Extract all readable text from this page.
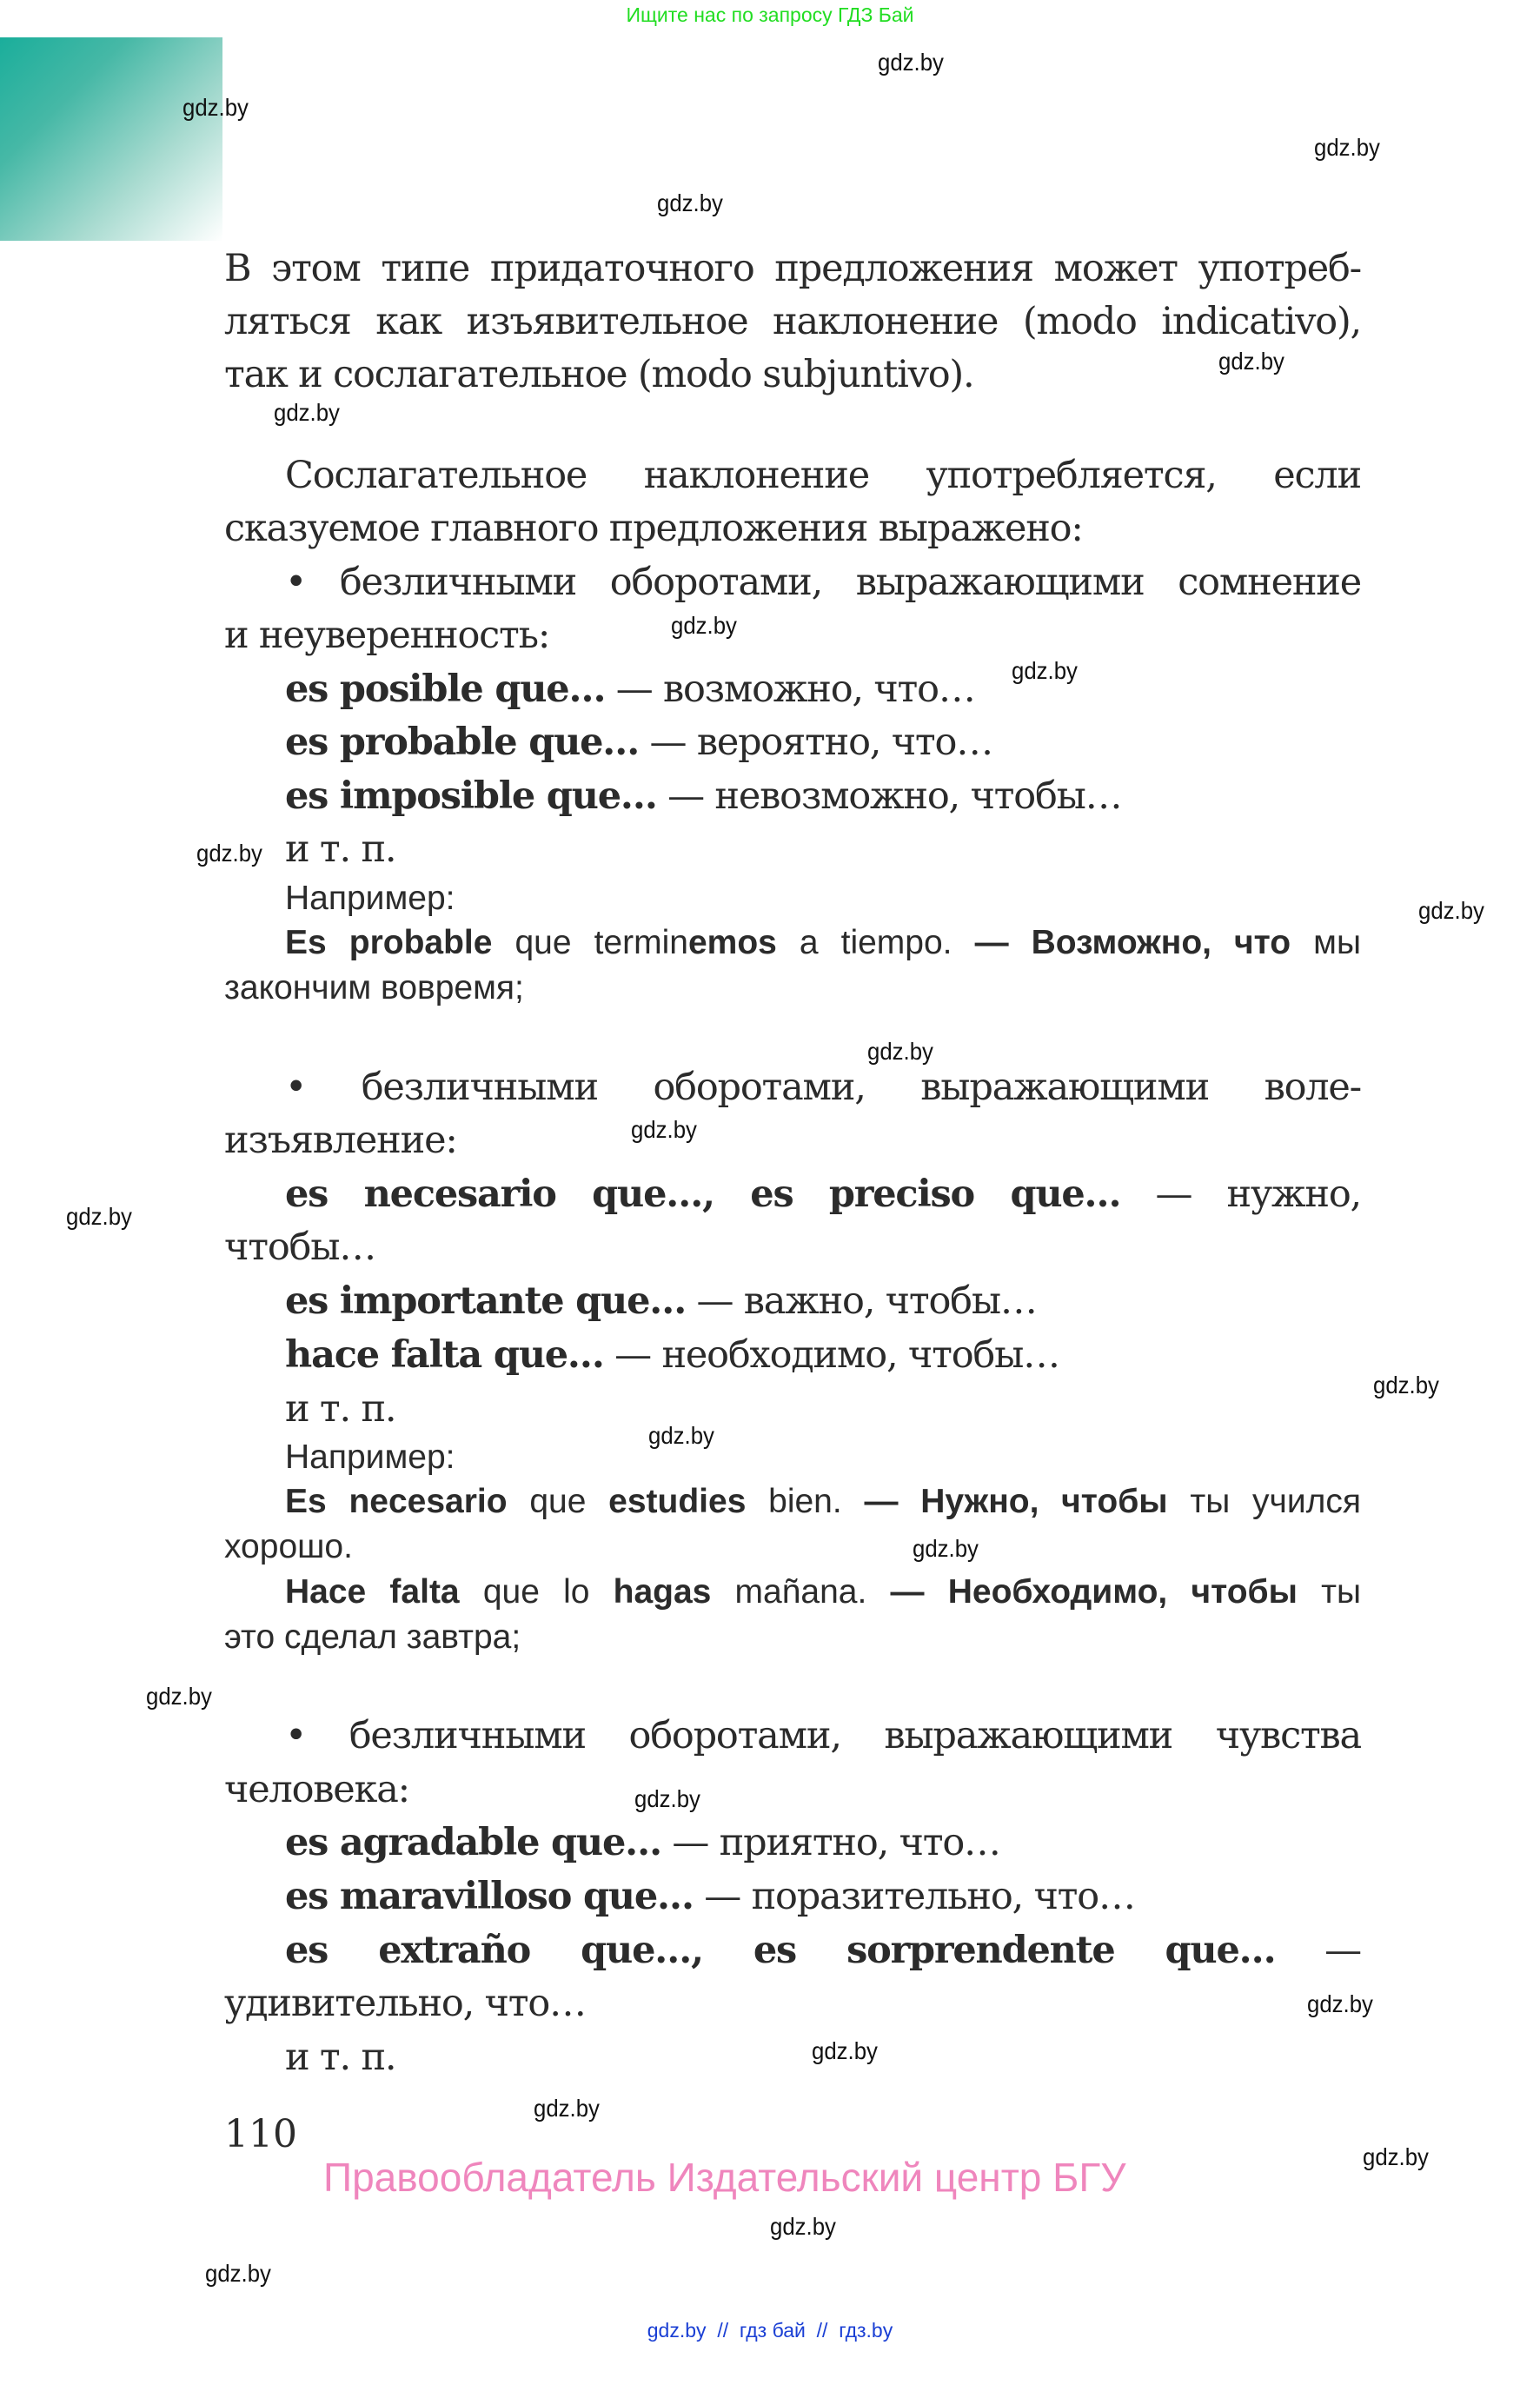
Ищите нас по запросу ГДЗ Бай
В этом типе придаточного предложения может употреб-
ляться как изъявительное наклонение (modo indicativo),
так и сослагательное (modo subjuntivo).
Сослагательное наклонение употребляется, если
сказуемое главного предложения выражено:
• безличными оборотами, выражающими сомнение
и неуверенность:
es posible que… — возможно, что…
es probable que… — вероятно, что…
es imposible que… — невозможно, чтобы…
и т. п.
Например:
Es probable que terminemos a tiempo. — Возможно, что мы
закончим вовремя;
• безличными оборотами, выражающими воле-
изъявление:
es necesario que…, es preciso que… — нужно,
чтобы…
es importante que… — важно, чтобы…
hace falta que… — необходимо, чтобы…
и т. п.
Например:
Es necesario que estudies bien. — Нужно, чтобы ты учился
хорошо.
Hace falta que lo hagas mañana. — Необходимо, чтобы ты
это сделал завтра;
• безличными оборотами, выражающими чувства
человека:
es agradable que… — приятно, что…
es maravilloso que… — поразительно, что…
es extraño que…, es sorprendente que… —
удивительно, что…
и т. п.
110
Правообладатель Издательский центр БГУ
gdz.by
gdz.by
gdz.by
gdz.by
gdz.by
gdz.by
gdz.by
gdz.by
gdz.by
gdz.by
gdz.by
gdz.by
gdz.by
gdz.by
gdz.by
gdz.by
gdz.by
gdz.by
gdz.by
gdz.by
gdz.by
gdz.by
gdz.by
gdz.by
gdz.by // гдз бай // гдз.by
